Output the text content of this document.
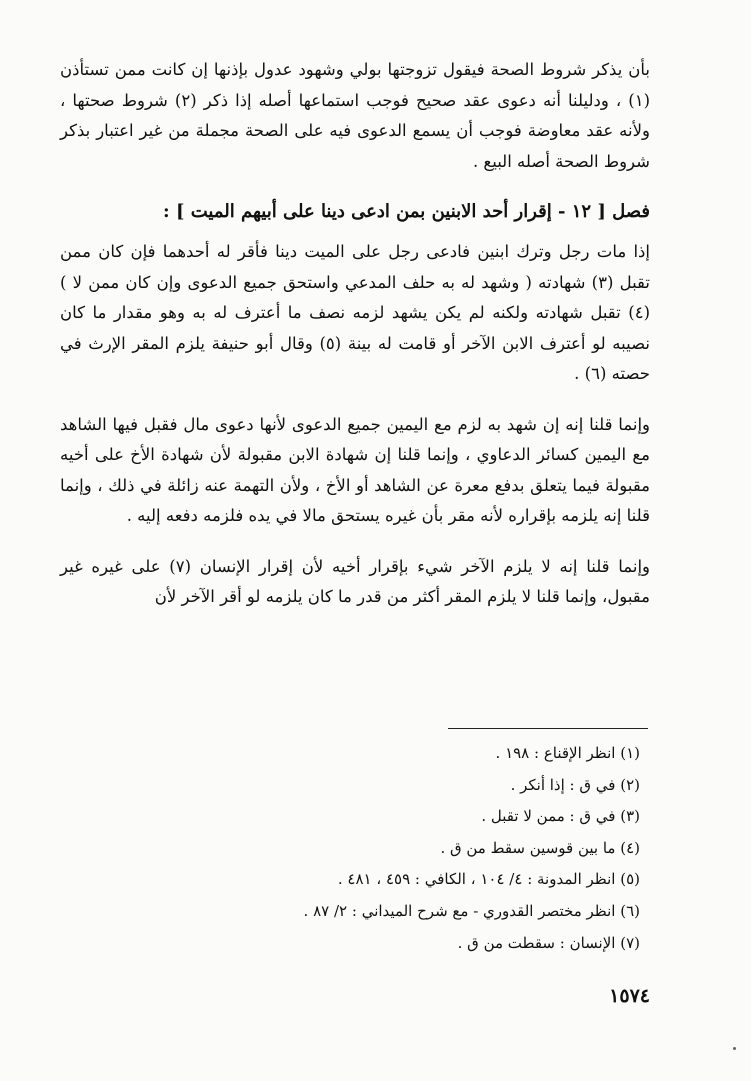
بأن يذكر شروط الصحة فيقول تزوجتها بولي وشهود عدول بإذنها إن كانت ممن تستأذن (١) ، ودليلنا أنه دعوى عقد صحيح فوجب استماعها أصله إذا ذكر (٢) شروط صحتها ، ولأنه عقد معاوضة فوجب أن يسمع الدعوى فيه على الصحة مجملة من غير اعتبار بذكر شروط الصحة أصله البيع .

فصل [ ١٢ - إقرار أحد الابنين بمن ادعى دينا على أبيهم الميت ] :

إذا مات رجل وترك ابنين فادعى رجل على الميت دينا فأقر له أحدهما فإن كان ممن تقبل (٣) شهادته ( وشهد له به حلف المدعي واستحق جميع الدعوى وإن كان ممن لا ) (٤) تقبل شهادته ولكنه لم يكن يشهد لزمه نصف ما أعترف له به وهو مقدار ما كان نصيبه لو أعترف الابن الآخر أو قامت له بينة (٥) وقال أبو حنيفة يلزم المقر الإرث في حصته (٦) .

وإنما قلنا إنه إن شهد به لزم مع اليمين جميع الدعوى لأنها دعوى مال فقبل فيها الشاهد مع اليمين كسائر الدعاوي ، وإنما قلنا إن شهادة الابن مقبولة لأن شهادة الأخ على أخيه مقبولة فيما يتعلق بدفع معرة عن الشاهد أو الأخ ، ولأن التهمة عنه زائلة في ذلك ، وإنما قلنا إنه يلزمه بإقراره لأنه مقر بأن غيره يستحق مالا في يده فلزمه دفعه إليه .

وإنما قلنا إنه لا يلزم الآخر شيء بإقرار أخيه لأن إقرار الإنسان (٧) على غيره غير مقبول، وإنما قلنا لا يلزم المقر أكثر من قدر ما كان يلزمه لو أقر الآخر لأن

(١) انظر الإقناع : ١٩٨ .

(٢) في ق : إذا أنكر .

(٣) في ق : ممن لا تقبل .

(٤) ما بين قوسين سقط من ق .

(٥) انظر المدونة : ٤/ ١٠٤ ، الكافي : ٤٥٩ ، ٤٨١ .

(٦) انظر مختصر القدوري - مع شرح الميداني : ٢/ ٨٧ .

(٧) الإنسان : سقطت من ق .

١٥٧٤
